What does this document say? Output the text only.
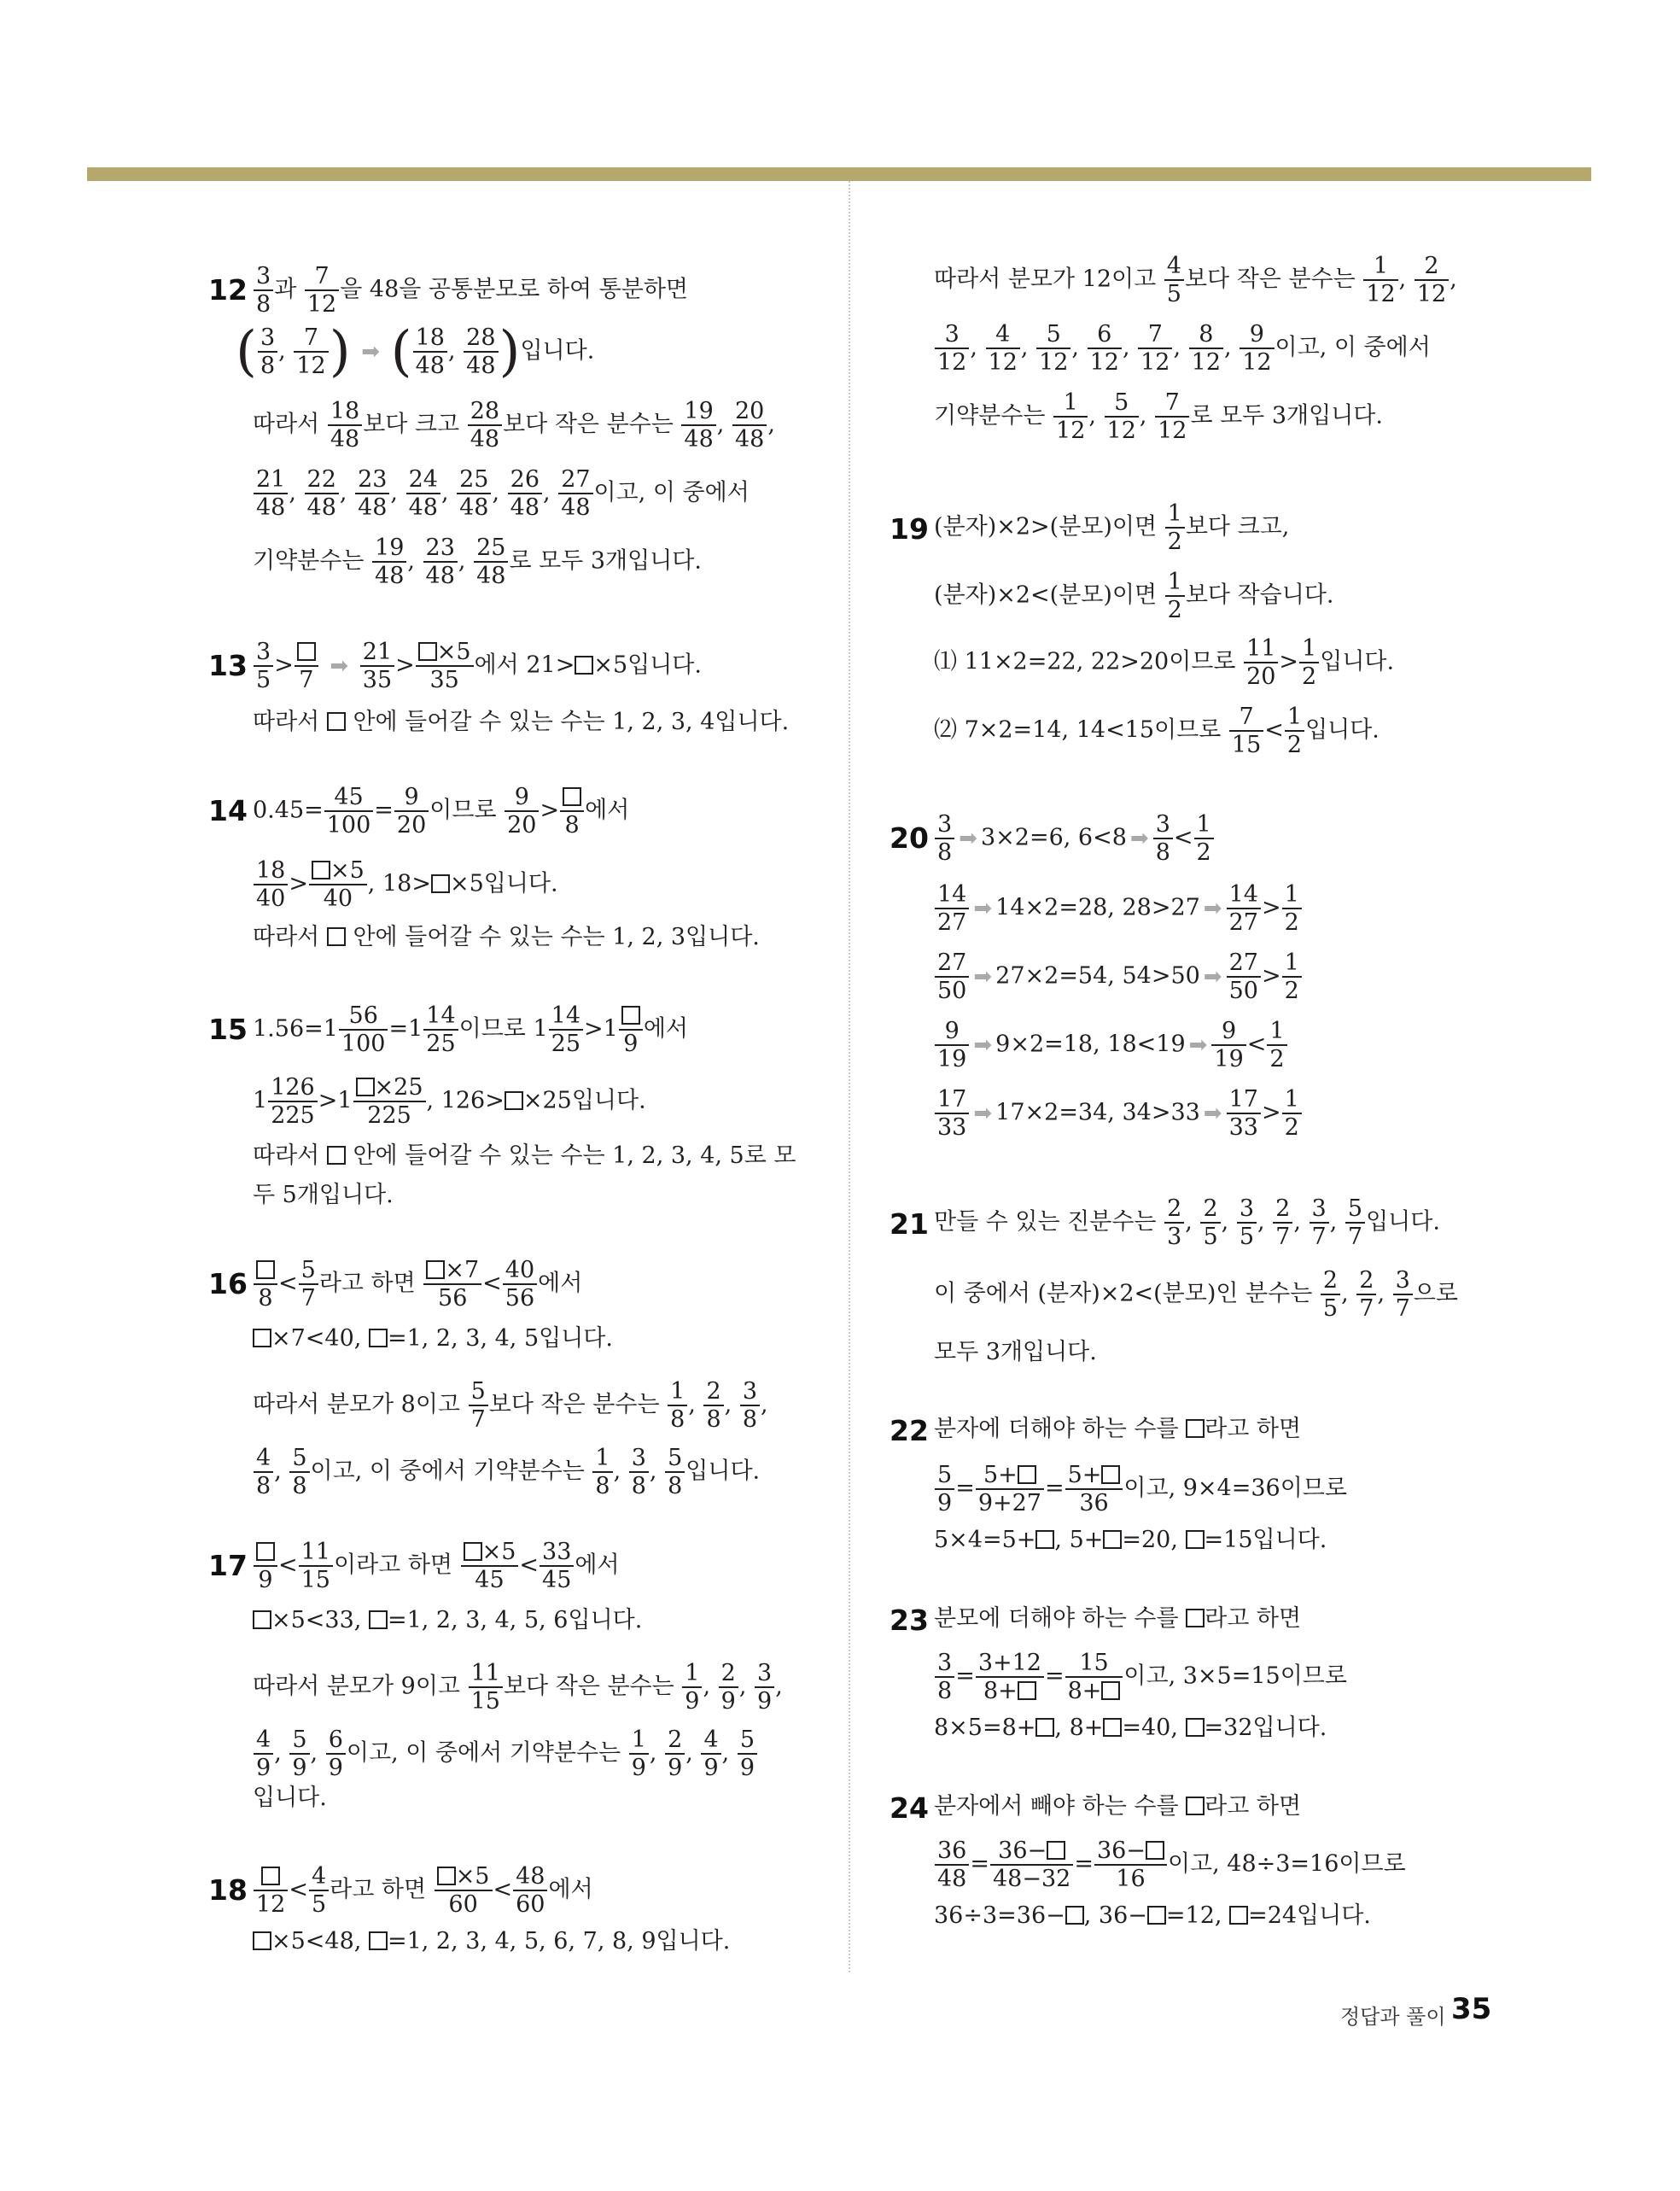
$12 \frac{3}{8}$ 과 $\frac{7}{12}$ 을 48을 공통분모로 하여 통분하면
( $\frac{3}{8}$ , $\frac{7}{12}$ ) ➡ ( $\frac{18}{48}$ , $\frac{28}{48}$ )입니다.
따라서 $\frac{18}{48}$ 보다 크고 $\frac{28}{48}$ 보다 작은 분수는 $\frac{19}{48}$ , $\frac{20}{48}$ ,
$\frac{21}{48}$ , $\frac{22}{48}$ , $\frac{23}{48}$ , $\frac{24}{48}$ , $\frac{25}{48}$ , $\frac{26}{48}$ , $\frac{27}{48}$ 이고, 이 중에서
기약분수는 $\frac{19}{48}$ , $\frac{23}{48}$ , $\frac{25}{48}$ 로 모두 3개입니다.
$13 \frac{3}{5}$ >
7
➡ $\frac{21}{35} > \frac{\times 5}{35}$ 에서 21> ×5입니다.
따라서 안에 들어갈 수 있는 수는 1, 2, 3, 4입니다.
14 $0.45= \frac{45}{100} = \frac{9}{20}$ 이므로 $\frac{9}{20}$ >
8
에서
$\frac{18}{40} > \frac{\times 5}{40}$ , 18> ×5입니다.
따라서 안에 들어갈 수 있는 수는 1, 2, 3입니다.
15 $1.56=1 \frac{56}{100} =1 \frac{14}{25}$ 이므로 $1 \frac{14}{25} >1$
9
에서
$1 \frac{126}{225} >1 \frac{\times 25}{225}$ , 126> ×25입니다.
따라서 안에 들어갈 수 있는 수는 1, 2, 3, 4, 5로 모
두 5개입니다.
16 8
< $\frac{5}{7}$ 라고 하면 $\frac{\times 7}{56} < \frac{40}{56}$ 에서
×7<40, =1, 2, 3, 4, 5입니다.
따라서 분모가 8이고 $\frac{5}{7}$ 보다 작은 분수는 $\frac{1}{8}$ , $\frac{2}{8}$ , $\frac{3}{8}$ ,
$\frac{4}{8}$ , $\frac{5}{8}$ 이고, 이 중에서 기약분수는 $\frac{1}{8}$ , $\frac{3}{8}$ , $\frac{5}{8}$ 입니다.
17 9
< $\frac{11}{15}$ 이라고 하면 $\frac{\times 5}{45} < \frac{33}{45}$ 에서
×5<33, =1, 2, 3, 4, 5, 6입니다.
따라서 분모가 9이고 $\frac{11}{15}$ 보다 작은 분수는 $\frac{1}{9}$ , $\frac{2}{9}$ , $\frac{3}{9}$ ,
$\frac{4}{9}$ , $\frac{5}{9}$ , $\frac{6}{9}$ 이고, 이 중에서 기약분수는 $\frac{1}{9}$ , $\frac{2}{9}$ , $\frac{4}{9}$ , $\frac{5}{9}$
입니다.
18 12
< $\frac{4}{5}$ 라고 하면 $\frac{\times 5}{60} < \frac{48}{60}$ 에서
×5<48, =1, 2, 3, 4, 5, 6, 7, 8, 9입니다.
따라서 분모가 12이고 $\frac{4}{5}$ 보다 작은 분수는 $\frac{1}{12}$ , $\frac{2}{12}$ ,
$\frac{3}{12}$ , $\frac{4}{12}$ , $\frac{5}{12}$ , $\frac{6}{12}$ , $\frac{7}{12}$ , $\frac{8}{12}$ , $\frac{9}{12}$ 이고, 이 중에서
기약분수는 $\frac{1}{12}$ , $\frac{5}{12}$ , $\frac{7}{12}$ 로 모두 3개입니다.
19 (분자)×2>(분모)이면 $\frac{1}{2}$ 보다 크고,
(분자)×2<(분모)이면 $\frac{1}{2}$ 보다 작습니다.
⑴ 11×2=22, 22>20이므로 $\frac{11}{20} > \frac{1}{2}$ 입니다.
⑵ 7×2=14, 14<15이므로 $\frac{7}{15} < \frac{1}{2}$ 입니다.
$20 \frac{3}{8}$ ➡ 3×2=6, 6<8 ➡ $\frac{3}{8} < \frac{1}{2}$
$\frac{14}{27}$ ➡ 14×2=28, 28>27 ➡ $\frac{14}{27} > \frac{1}{2}$
$\frac{27}{50}$ ➡ 27×2=54, 54>50 ➡ $\frac{27}{50} > \frac{1}{2}$
$\frac{9}{19}$ ➡ 9×2=18, 18<19 ➡ $\frac{9}{19} < \frac{1}{2}$
$\frac{17}{33}$ ➡ 17×2=34, 34>33 ➡ $\frac{17}{33} > \frac{1}{2}$
21 만들 수 있는 진분수는 $\frac{2}{3}$ , $\frac{2}{5}$ , $\frac{3}{5}$ , $\frac{2}{7}$ , $\frac{3}{7}$ , $\frac{5}{7}$ 입니다.
이 중에서 (분자)×2<(분모)인 분수는 $\frac{2}{5}$ , $\frac{2}{7}$ , $\frac{3}{7}$ 으로
모두 3개입니다.
22 분자에 더해야 하는 수를 라고 하면
$\frac{5}{9} = \frac{5+}{9+27} = \frac{5+}{36}$ 이고, 9×4=36이므로
5×4=5+ , 5+ =20, =15입니다.
23 분모에 더해야 하는 수를 라고 하면
$\frac{3}{8} = \frac{3+12}{8+} = \frac{15}{8+}$ 이고, 3×5=15이므로
8×5=8+ , 8+ =40, =32입니다.
24 분자에서 빼야 하는 수를 라고 하면
$\frac{36}{48} = \frac{36-}{48-32} = \frac{36-}{16}$ 이고, 48÷3=16이므로
36÷3=36− , 36− =12, =24입니다.
정답과 풀이 35
